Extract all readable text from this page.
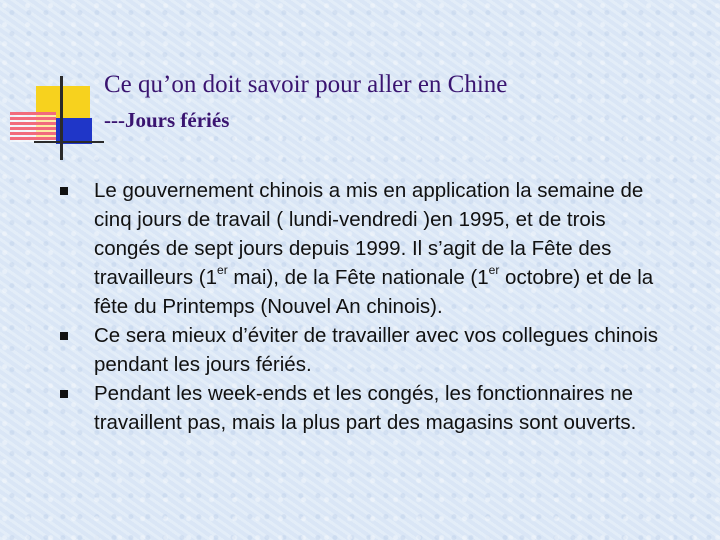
Ce qu’on doit savoir pour aller en Chine
---Jours fériés
Le gouvernement chinois a mis en application la semaine de cinq jours de travail ( lundi-vendredi )en 1995, et de trois congés de sept jours depuis 1999. Il s’agit de la Fête des travailleurs (1er mai), de la Fête nationale (1er octobre) et de la fête du Printemps (Nouvel An chinois).
Ce sera mieux d’éviter de travailler avec vos collegues chinois pendant les jours fériés.
Pendant les week-ends et les congés, les fonctionnaires ne travaillent pas, mais la plus part des magasins sont ouverts.
